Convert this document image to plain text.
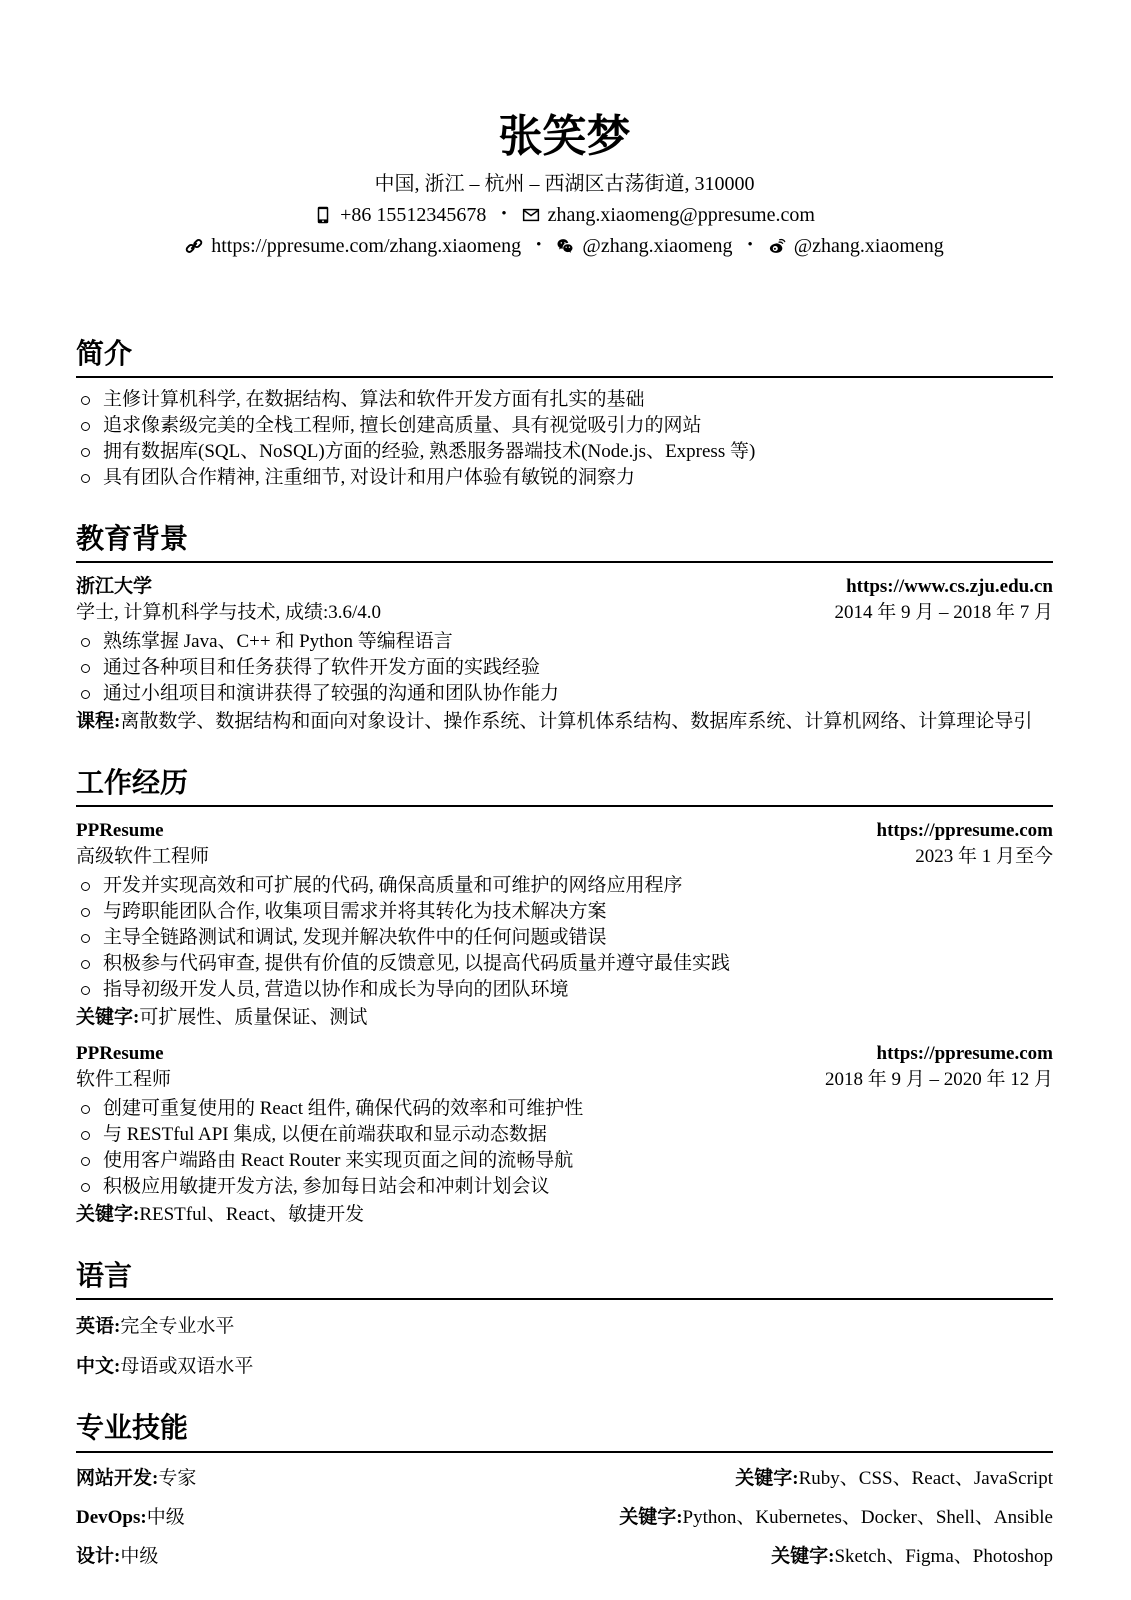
张笑梦
中国, 浙江 – 杭州 – 西湖区古荡街道, 310000
+86 15512345678 • zhang.xiaomeng@ppresume.com
https://ppresume.com/zhang.xiaomeng • @zhang.xiaomeng • @zhang.xiaomeng
简介
主修计算机科学, 在数据结构、算法和软件开发方面有扎实的基础
追求像素级完美的全栈工程师, 擅长创建高质量、具有视觉吸引力的网站
拥有数据库(SQL、NoSQL)方面的经验, 熟悉服务器端技术(Node.js、Express 等)
具有团队合作精神, 注重细节, 对设计和用户体验有敏锐的洞察力
教育背景
浙江大学	https://www.cs.zju.edu.cn
学士, 计算机科学与技术, 成绩:3.6/4.0	2014 年 9 月 – 2018 年 7 月
熟练掌握 Java、C++ 和 Python 等编程语言
通过各种项目和任务获得了软件开发方面的实践经验
通过小组项目和演讲获得了较强的沟通和团队协作能力
课程:离散数学、数据结构和面向对象设计、操作系统、计算机体系结构、数据库系统、计算机网络、计算理论导引
工作经历
PPResume	https://ppresume.com
高级软件工程师	2023 年 1 月至今
开发并实现高效和可扩展的代码, 确保高质量和可维护的网络应用程序
与跨职能团队合作, 收集项目需求并将其转化为技术解决方案
主导全链路测试和调试, 发现并解决软件中的任何问题或错误
积极参与代码审查, 提供有价值的反馈意见, 以提高代码质量并遵守最佳实践
指导初级开发人员, 营造以协作和成长为导向的团队环境
关键字:可扩展性、质量保证、测试
PPResume	https://ppresume.com
软件工程师	2018 年 9 月 – 2020 年 12 月
创建可重复使用的 React 组件, 确保代码的效率和可维护性
与 RESTful API 集成, 以便在前端获取和显示动态数据
使用客户端路由 React Router 来实现页面之间的流畅导航
积极应用敏捷开发方法, 参加每日站会和冲刺计划会议
关键字:RESTful、React、敏捷开发
语言
英语:完全专业水平
中文:母语或双语水平
专业技能
网站开发:专家	关键字:Ruby、CSS、React、JavaScript
DevOps:中级	关键字:Python、Kubernetes、Docker、Shell、Ansible
设计:中级	关键字:Sketch、Figma、Photoshop
